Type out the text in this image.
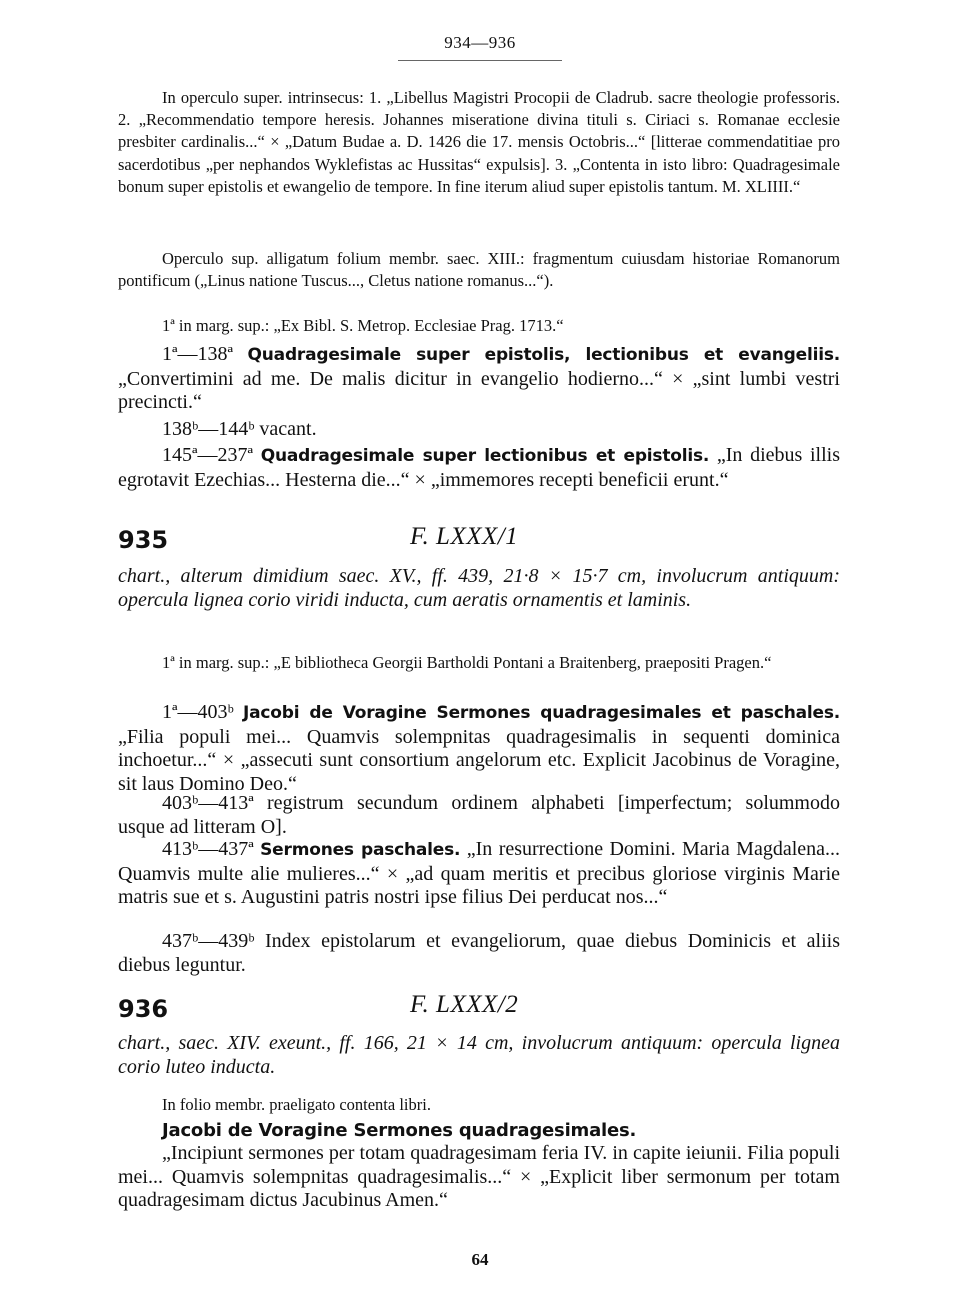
934—936
In operculo super. intrinsecus: 1. „Libellus Magistri Procopii de Cladrub. sacre theologie professoris. 2. „Recommendatio tempore heresis. Johannes miseratione divina tituli s. Ciriaci s. Romanae ecclesie presbiter cardinalis...“ × „Datum Budae a. D. 1426 die 17. mensis Octobris...“ [litterae commendatitiae pro sacerdotibus „per nephandos Wyklefistas ac Hussitas“ expulsis]. 3. „Contenta in isto libro: Quadragesimale bonum super epistolis et ewangelio de tempore. In fine iterum aliud super epistolis tantum. M. XLIIII.“
Operculo sup. alligatum folium membr. saec. XIII.: fragmentum cuiusdam historiae Romanorum pontificum („Linus natione Tuscus..., Cletus natione romanus...“).
1ª in marg. sup.: „Ex Bibl. S. Metrop. Ecclesiae Prag. 1713.“
1ª—138ª Quadragesimale super epistolis, lectionibus et evangeliis. „Convertimini ad me. De malis dicitur in evangelio hodierno...“ × „sint lumbi vestri precincti.“
138ᵇ—144ᵇ vacant.
145ª—237ª Quadragesimale super lectionibus et epistolis. „In diebus illis egrotavit Ezechias... Hesterna die...“ × „immemores recepti beneficii erunt.“
935	F. LXXX/1
chart., alterum dimidium saec. XV., ff. 439, 21·8 × 15·7 cm, involucrum antiquum: opercula lignea corio viridi inducta, cum aeratis ornamentis et laminis.
1ª in marg. sup.: „E bibliotheca Georgii Bartholdi Pontani a Braitenberg, praepositi Pragen.“
1ª—403ᵇ Jacobi de Voragine Sermones quadragesimales et paschales. „Filia populi mei... Quamvis solempnitas quadragesimalis in sequenti dominica inchoetur...“ × „assecuti sunt consortium angelorum etc. Explicit Jacobinus de Voragine, sit laus Domino Deo.“
403ᵇ—413ª registrum secundum ordinem alphabeti [imperfectum; solummodo usque ad litteram O].
413ᵇ—437ª Sermones paschales. „In resurrectione Domini. Maria Magdalena... Quamvis multe alie mulieres...“ × „ad quam meritis et precibus gloriose virginis Marie matris sue et s. Augustini patris nostri ipse filius Dei perducat nos...“
437ᵇ—439ᵇ Index epistolarum et evangeliorum, quae diebus Dominicis et aliis diebus leguntur.
936	F. LXXX/2
chart., saec. XIV. exeunt., ff. 166, 21 × 14 cm, involucrum antiquum: opercula lignea corio luteo inducta.
In folio membr. praeligato contenta libri.
Jacobi de Voragine Sermones quadragesimales.
„Incipiunt sermones per totam quadragesimam feria IV. in capite ieiunii. Filia populi mei... Quamvis solempnitas quadragesimalis...“ × „Explicit liber sermonum per totam quadragesimam dictus Jacubinus Amen.“
64
